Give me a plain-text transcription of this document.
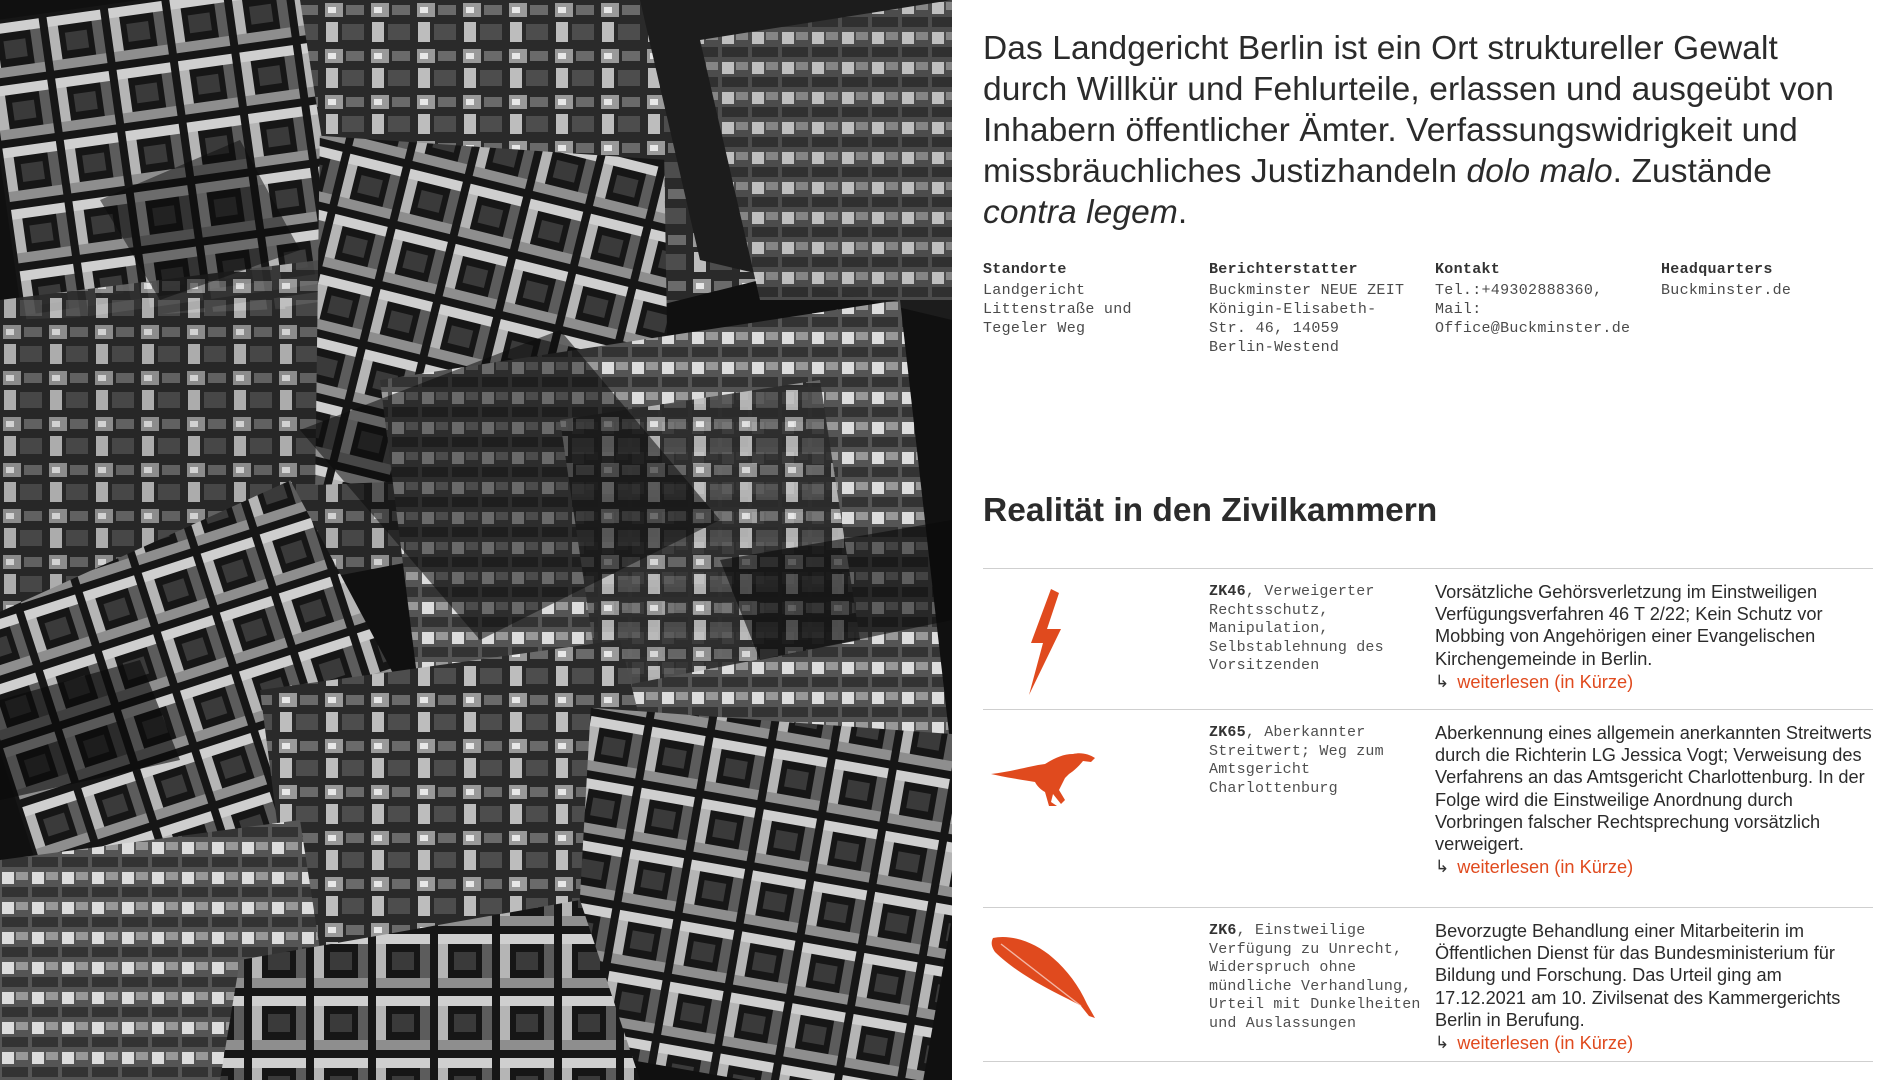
Das Landgericht Berlin ist ein Ort struktureller Gewalt durch Willkür und Fehlurteile, erlassen und ausgeübt von Inhabern öffentlicher Ämter. Verfassungswidrigkeit und missbräuchliches Justizhandeln dolo malo. Zustände contra legem.

Standorte

Landgericht
Littenstraße und
Tegeler Weg

Berichterstatter

Buckminster NEUE ZEIT
Königin-Elisabeth-
Str. 46, 14059
Berlin-Westend

Kontakt

Tel.:+49302888360,
Mail:
Office@Buckminster.de

Headquarters

Buckminster.de

Realität in den Zivilkammern
ZK46, Verweigerter Rechtsschutz, Manipulation, Selbstablehnung des Vorsitzenden
Vorsätzliche Gehörsverletzung im Einstweiligen Verfügungsverfahren 46 T 2/22; Kein Schutz vor Mobbing von Angehörigen einer Evangelischen Kirchengemeinde in Berlin.
↳ weiterlesen (in Kürze)
ZK65, Aberkannter Streitwert; Weg zum Amtsgericht Charlottenburg
Aberkennung eines allgemein anerkannten Streitwerts durch die Richterin LG Jessica Vogt; Verweisung des Verfahrens an das Amtsgericht Charlottenburg. In der Folge wird die Einstweilige Anordnung durch Vorbringen falscher Rechtsprechung vorsätzlich verweigert.
↳ weiterlesen (in Kürze)
ZK6, Einstweilige Verfügung zu Unrecht, Widerspruch ohne mündliche Verhandlung, Urteil mit Dunkelheiten und Auslassungen
Bevorzugte Behandlung einer Mitarbeiterin im Öffentlichen Dienst für das Bundesministerium für Bildung und Forschung. Das Urteil ging am 17.12.2021 am 10. Zivilsenat des Kammergerichts Berlin in Berufung.
↳ weiterlesen (in Kürze)
